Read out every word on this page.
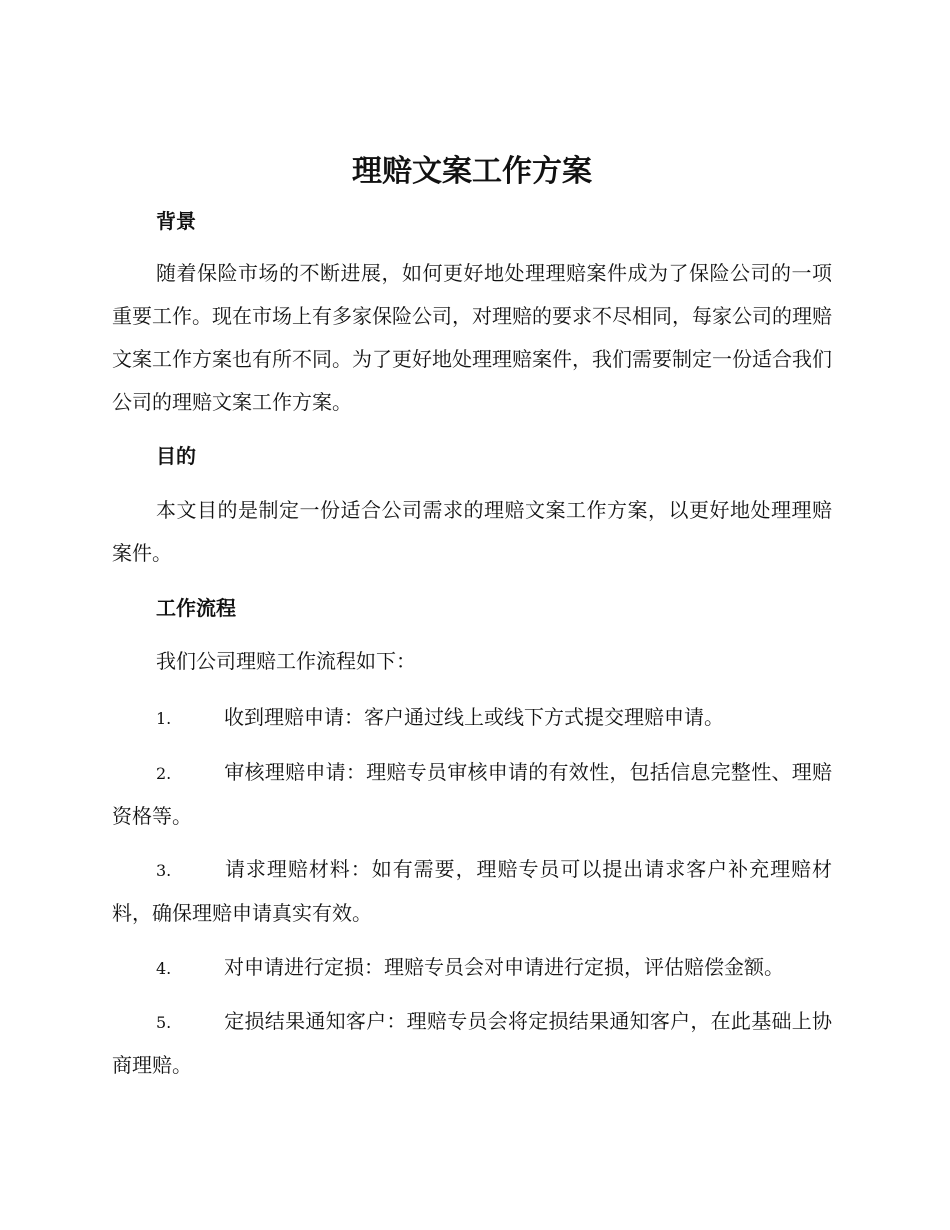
理赔文案工作方案
背景

随着保险市场的不断进展，如何更好地处理理赔案件成为了保险公司的一项重要工作。现在市场上有多家保险公司，对理赔的要求不尽相同，每家公司的理赔文案工作方案也有所不同。为了更好地处理理赔案件，我们需要制定一份适合我们公司的理赔文案工作方案。

目的

本文目的是制定一份适合公司需求的理赔文案工作方案，以更好地处理理赔案件。

工作流程

我们公司理赔工作流程如下：

1.	收到理赔申请：客户通过线上或线下方式提交理赔申请。

2.	审核理赔申请：理赔专员审核申请的有效性，包括信息完整性、理赔资格等。

3.	请求理赔材料：如有需要，理赔专员可以提出请求客户补充理赔材料，确保理赔申请真实有效。

4.	对申请进行定损：理赔专员会对申请进行定损，评估赔偿金额。

5.	定损结果通知客户：理赔专员会将定损结果通知客户，在此基础上协商理赔。
